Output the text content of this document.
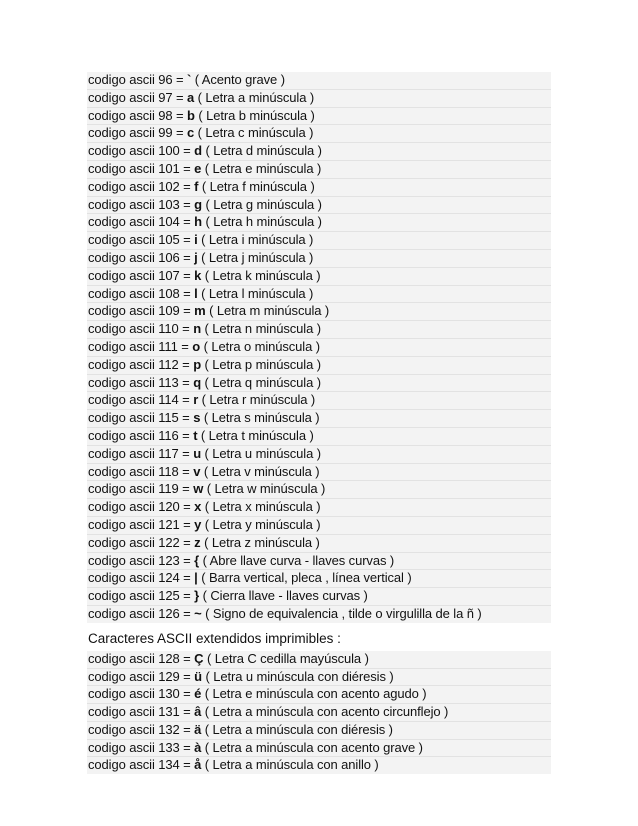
codigo ascii 96 = ` ( Acento grave )
codigo ascii 97 = a ( Letra a minúscula )
codigo ascii 98 = b ( Letra b minúscula )
codigo ascii 99 = c ( Letra c minúscula )
codigo ascii 100 = d ( Letra d minúscula )
codigo ascii 101 = e ( Letra e minúscula )
codigo ascii 102 = f ( Letra f minúscula )
codigo ascii 103 = g ( Letra g minúscula )
codigo ascii 104 = h ( Letra h minúscula )
codigo ascii 105 = i ( Letra i minúscula )
codigo ascii 106 = j ( Letra j minúscula )
codigo ascii 107 = k ( Letra k minúscula )
codigo ascii 108 = l ( Letra l minúscula )
codigo ascii 109 = m ( Letra m minúscula )
codigo ascii 110 = n ( Letra n minúscula )
codigo ascii 111 = o ( Letra o minúscula )
codigo ascii 112 = p ( Letra p minúscula )
codigo ascii 113 = q ( Letra q minúscula )
codigo ascii 114 = r ( Letra r minúscula )
codigo ascii 115 = s ( Letra s minúscula )
codigo ascii 116 = t ( Letra t minúscula )
codigo ascii 117 = u ( Letra u minúscula )
codigo ascii 118 = v ( Letra v minúscula )
codigo ascii 119 = w ( Letra w minúscula )
codigo ascii 120 = x ( Letra x minúscula )
codigo ascii 121 = y ( Letra y minúscula )
codigo ascii 122 = z ( Letra z minúscula )
codigo ascii 123 = { ( Abre llave curva - llaves curvas )
codigo ascii 124 = | ( Barra vertical, pleca , línea vertical )
codigo ascii 125 = } ( Cierra llave - llaves curvas )
codigo ascii 126 = ~ ( Signo de equivalencia , tilde o virgulilla de la ñ )
Caracteres ASCII extendidos imprimibles :
codigo ascii 128 = Ç ( Letra C cedilla mayúscula )
codigo ascii 129 = ü ( Letra u minúscula con diéresis )
codigo ascii 130 = é ( Letra e minúscula con acento agudo )
codigo ascii 131 = â ( Letra a minúscula con acento circunflejo )
codigo ascii 132 = ä ( Letra a minúscula con diéresis )
codigo ascii 133 = à ( Letra a minúscula con acento grave )
codigo ascii 134 = å ( Letra a minúscula con anillo )
